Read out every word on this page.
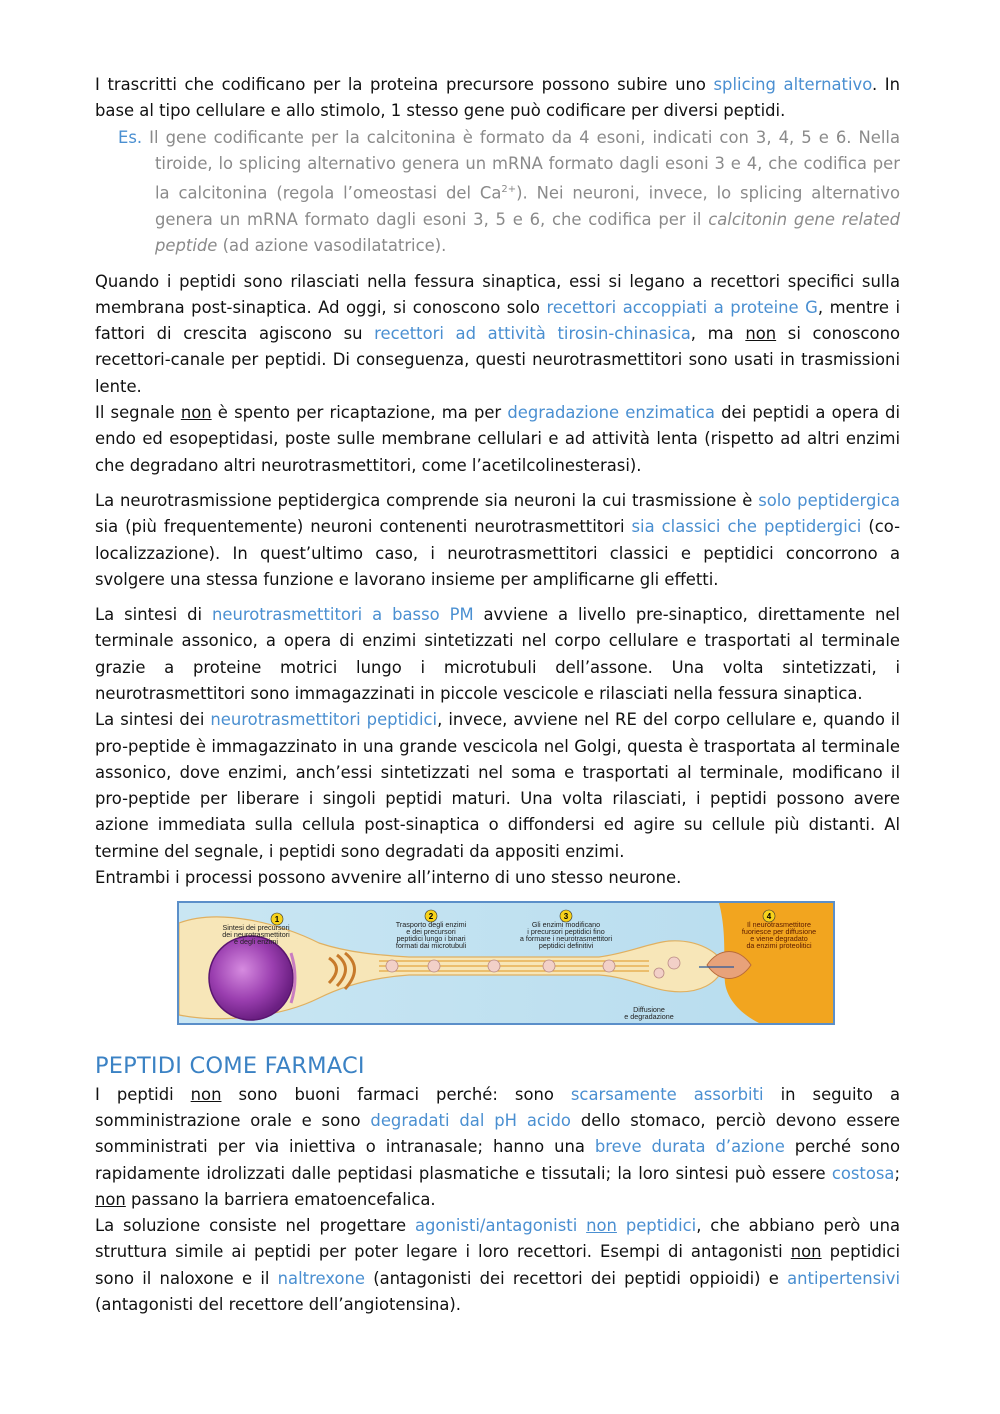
I trascritti che codificano per la proteina precursore possono subire uno splicing alternativo. In base al tipo cellulare e allo stimolo, 1 stesso gene può codificare per diversi peptidi.

Es. Il gene codificante per la calcitonina è formato da 4 esoni, indicati con 3, 4, 5 e 6. Nella tiroide, lo splicing alternativo genera un mRNA formato dagli esoni 3 e 4, che codifica per la calcitonina (regola l’omeostasi del $Ca^{2+}$). Nei neuroni, invece, lo splicing alternativo genera un mRNA formato dagli esoni 3, 5 e 6, che codifica per il calcitonin gene related peptide (ad azione vasodilatatrice).

Quando i peptidi sono rilasciati nella fessura sinaptica, essi si legano a recettori specifici sulla membrana post-sinaptica. Ad oggi, si conoscono solo recettori accoppiati a proteine G, mentre i fattori di crescita agiscono su recettori ad attività tirosin-chinasica, ma non si conoscono recettori-canale per peptidi. Di conseguenza, questi neurotrasmettitori sono usati in trasmissioni lente.

Il segnale non è spento per ricaptazione, ma per degradazione enzimatica dei peptidi a opera di endo ed esopeptidasi, poste sulle membrane cellulari e ad attività lenta (rispetto ad altri enzimi che degradano altri neurotrasmettitori, come l’acetilcolinesterasi).

La neurotrasmissione peptidergica comprende sia neuroni la cui trasmissione è solo peptidergica sia (più frequentemente) neuroni contenenti neurotrasmettitori sia classici che peptidergici (co-localizzazione). In quest’ultimo caso, i neurotrasmettitori classici e peptidici concorrono a svolgere una stessa funzione e lavorano insieme per amplificarne gli effetti.

La sintesi di neurotrasmettitori a basso PM avviene a livello pre-sinaptico, direttamente nel terminale assonico, a opera di enzimi sintetizzati nel corpo cellulare e trasportati al terminale grazie a proteine motrici lungo i microtubuli dell’assone. Una volta sintetizzati, i neurotrasmettitori sono immagazzinati in piccole vescicole e rilasciati nella fessura sinaptica.

La sintesi dei neurotrasmettitori peptidici, invece, avviene nel RE del corpo cellulare e, quando il pro-peptide è immagazzinato in una grande vescicola nel Golgi, questa è trasportata al terminale assonico, dove enzimi, anch’essi sintetizzati nel soma e trasportati al terminale, modificano il pro-peptide per liberare i singoli peptidi maturi. Una volta rilasciati, i peptidi possono avere azione immediata sulla cellula post-sinaptica o diffondersi ed agire su cellule più distanti. Al termine del segnale, i peptidi sono degradati da appositi enzimi.

Entrambi i processi possono avvenire all’interno di uno stesso neurone.

1	2	3	4
Sintesi dei precursori
dei neurotrasmettitori
e degli enzimi
Trasporto degli enzimi
e dei precursori
peptidici lungo i binari
formati dai microtubuli
Gli enzimi modificano
i precursori peptidici fino
a formare i neurotrasmettitori
peptidici definitivi
Il neurotrasmettitore
fuoriesce per diffusione
e viene degradato
da enzimi proteolitici
Diffusione
e degradazione
PEPTIDI COME FARMACI

I peptidi non sono buoni farmaci perché: sono scarsamente assorbiti in seguito a somministrazione orale e sono degradati dal pH acido dello stomaco, perciò devono essere somministrati per via iniettiva o intranasale; hanno una breve durata d’azione perché sono rapidamente idrolizzati dalle peptidasi plasmatiche e tissutali; la loro sintesi può essere costosa; non passano la barriera ematoencefalica.

La soluzione consiste nel progettare agonisti/antagonisti non peptidici, che abbiano però una struttura simile ai peptidi per poter legare i loro recettori. Esempi di antagonisti non peptidici sono il naloxone e il naltrexone (antagonisti dei recettori dei peptidi oppioidi) e antipertensivi (antagonisti del recettore dell’angiotensina).
